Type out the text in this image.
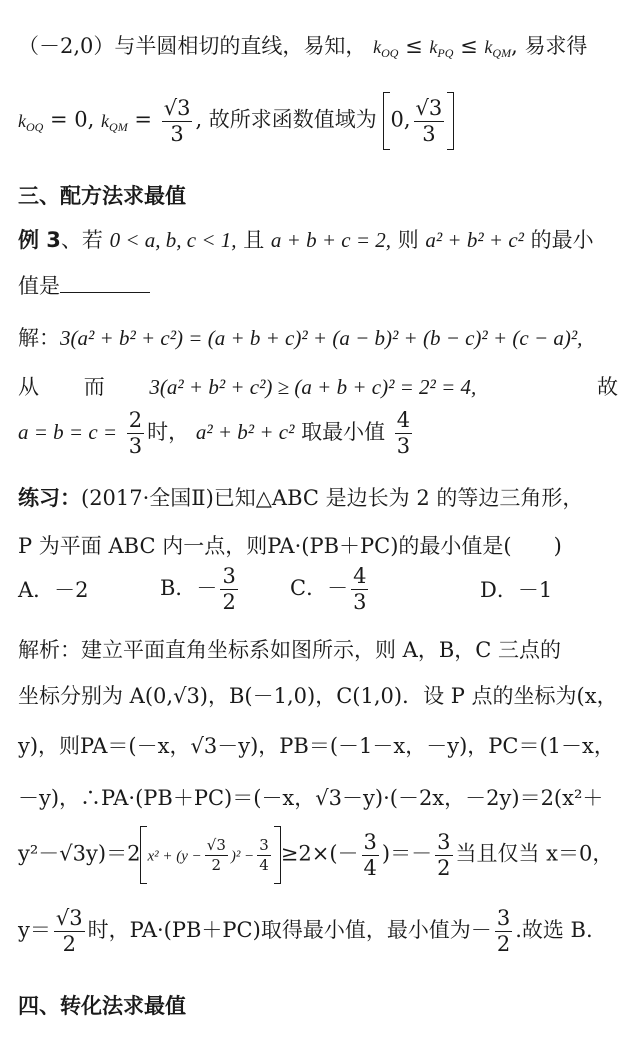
（－2,0）与半圆相切的直线，易知， $k_{OQ} \le k_{PQ} \le k_{QM}$, 易求得
$k_{OQ} = 0$, $k_{QM} = \frac{√3}{3}$ , 故所求函数值域为 0, $\frac{√3}{3}$
三、配方法求最值
例 3、若 0 < a, b, c < 1, 且 a + b + c = 2, 则 a² + b² + c² 的最小
值是
解：3(a² + b² + c²) = (a + b + c)² + (a − b)² + (b − c)² + (c − a)²,
从 而 3(a² + b² + c²) ≥ (a + b + c)² = 2² = 4,	故
$a = b = c = \frac{2}{3}$ 时， a² + b² + c² 取最小值 $\frac{4}{3}$
练习：(2017·全国Ⅱ)已知△ABC 是边长为 2 的等边三角形，
P 为平面 ABC 内一点，则PA·(PB＋PC)的最小值是(　　)
A．－2	B．－ $\frac{3}{2}$ C．－ $\frac{4}{3}$	D．－1
解析：建立平面直角坐标系如图所示，则 A，B，C 三点的
坐标分别为 A(0,√3)，B(－1,0)，C(1,0)．设 P 点的坐标为(x，
y)，则PA＝(－x，√3－y)，PB＝(－1－x，－y)，PC＝(1－x，
－y)，∴PA·(PB＋PC)＝(－x，√3－y)·(－2x，－2y)＝2(x²＋
y²－√3y)＝2 $x^2 + (y - \frac{√3}{2} )^2 - \frac{3}{4} \ge 2\times(- \frac{3}{4}$ )＝－ $\frac{3}{2}$ 当且仅当 x＝0，
$y= \frac{√3}{2}$ 时，PA·(PB＋PC)取得最小值，最小值为－ $\frac{3}{2}$ .故选 B.
四、转化法求最值
